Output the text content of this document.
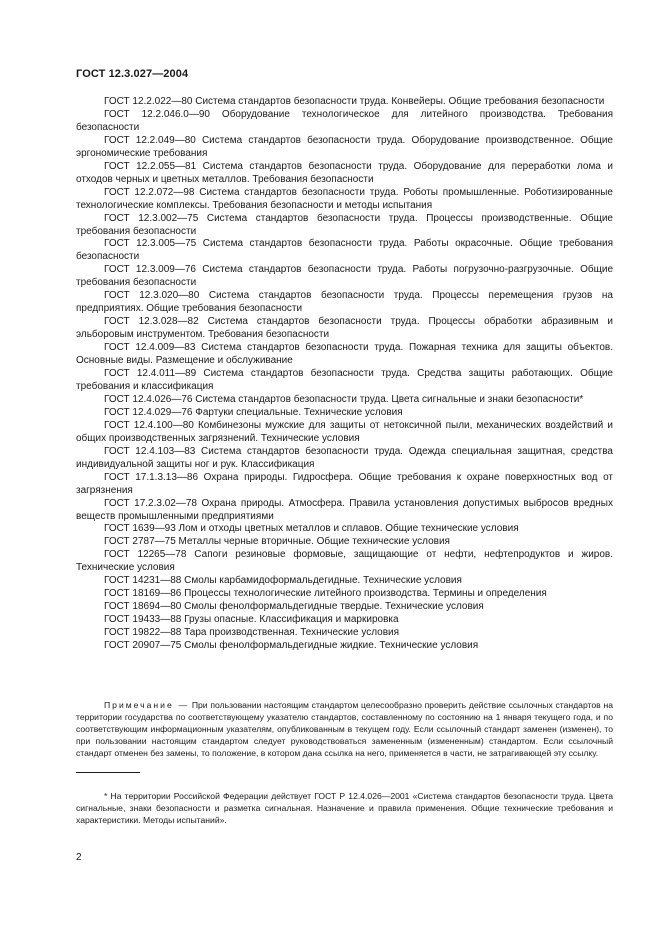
ГОСТ 12.3.027—2004

ГОСТ 12.2.022—80 Система стандартов безопасности труда. Конвейеры. Общие требования безопасности

ГОСТ 12.2.046.0—90 Оборудование технологическое для литейного производства. Требования безопасности

ГОСТ 12.2.049—80 Система стандартов безопасности труда. Оборудование производственное. Общие эргономические требования

ГОСТ 12.2.055—81 Система стандартов безопасности труда. Оборудование для переработки лома и отходов черных и цветных металлов. Требования безопасности

ГОСТ 12.2.072—98 Система стандартов безопасности труда. Роботы промышленные. Роботизированные технологические комплексы. Требования безопасности и методы испытания

ГОСТ 12.3.002—75 Система стандартов безопасности труда. Процессы производственные. Общие требования безопасности

ГОСТ 12.3.005—75 Система стандартов безопасности труда. Работы окрасочные. Общие требования безопасности

ГОСТ 12.3.009—76 Система стандартов безопасности труда. Работы погрузочно-разгрузочные. Общие требования безопасности

ГОСТ 12.3.020—80 Система стандартов безопасности труда. Процессы перемещения грузов на предприятиях. Общие требования безопасности

ГОСТ 12.3.028—82 Система стандартов безопасности труда. Процессы обработки абразивным и эльборовым инструментом. Требования безопасности

ГОСТ 12.4.009—83 Система стандартов безопасности труда. Пожарная техника для защиты объектов. Основные виды. Размещение и обслуживание

ГОСТ 12.4.011—89 Система стандартов безопасности труда. Средства защиты работающих. Общие требования и классификация

ГОСТ 12.4.026—76 Система стандартов безопасности труда. Цвета сигнальные и знаки безопасности*

ГОСТ 12.4.029—76 Фартуки специальные. Технические условия

ГОСТ 12.4.100—80 Комбинезоны мужские для защиты от нетоксичной пыли, механических воздействий и общих производственных загрязнений. Технические условия

ГОСТ 12.4.103—83 Система стандартов безопасности труда. Одежда специальная защитная, средства индивидуальной защиты ног и рук. Классификация

ГОСТ 17.1.3.13—86 Охрана природы. Гидросфера. Общие требования к охране поверхностных вод от загрязнения

ГОСТ 17.2.3.02—78 Охрана природы. Атмосфера. Правила установления допустимых выбросов вредных веществ промышленными предприятиями

ГОСТ 1639—93 Лом и отходы цветных металлов и сплавов. Общие технические условия

ГОСТ 2787—75 Металлы черные вторичные. Общие технические условия

ГОСТ 12265—78 Сапоги резиновые формовые, защищающие от нефти, нефтепродуктов и жиров. Технические условия

ГОСТ 14231—88 Смолы карбамидоформальдегидные. Технические условия

ГОСТ 18169—86 Процессы технологические литейного производства. Термины и определения

ГОСТ 18694—80 Смолы фенолформальдегидные твердые. Технические условия

ГОСТ 19433—88 Грузы опасные. Классификация и маркировка

ГОСТ 19822—88 Тара производственная. Технические условия

ГОСТ 20907—75 Смолы фенолформальдегидные жидкие. Технические условия

Примечание — При пользовании настоящим стандартом целесообразно проверить действие ссылочных стандартов на территории государства по соответствующему указателю стандартов, составленному по состоянию на 1 января текущего года, и по соответствующим информационным указателям, опубликованным в текущем году. Если ссылочный стандарт заменен (изменен), то при пользовании настоящим стандартом следует руководствоваться замененным (измененным) стандартом. Если ссылочный стандарт отменен без замены, то положение, в котором дана ссылка на него, применяется в части, не затрагивающей эту ссылку.

* На территории Российской Федерации действует ГОСТ Р 12.4.026—2001 «Система стандартов безопасности труда. Цвета сигнальные, знаки безопасности и разметка сигнальная. Назначение и правила применения. Общие технические требования и характеристики. Методы испытаний».

2
